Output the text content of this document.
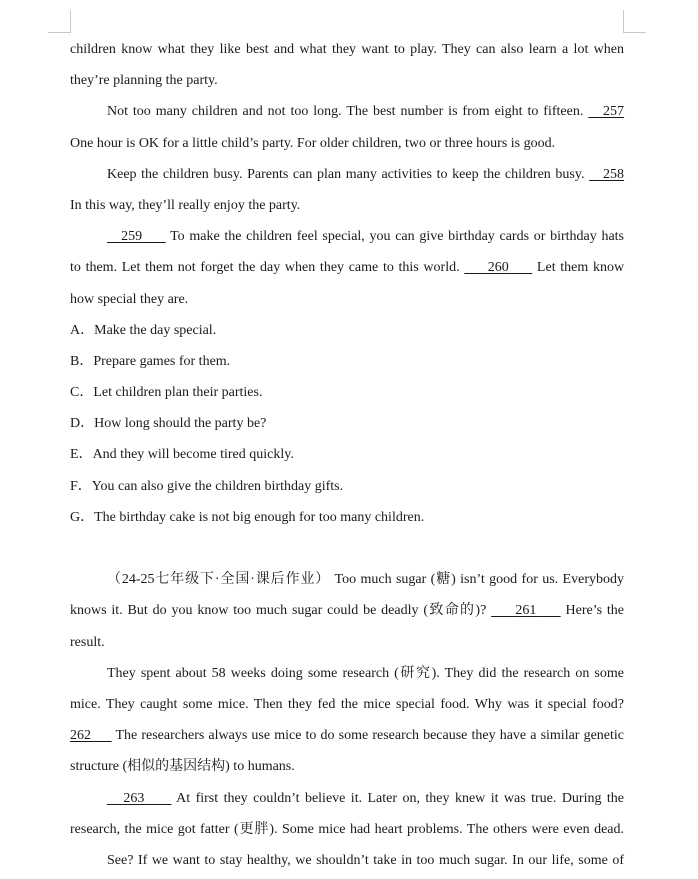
children know what they like best and what they want to play. They can also learn a lot when
they’re planning the party.
Not too many children and not too long. The best number is from eight to fifteen. 257
One hour is OK for a little child’s party. For older children, two or three hours is good.
Keep the children busy. Parents can plan many activities to keep the children busy. 258
In this way, they’ll really enjoy the party.
259 To make the children feel special, you can give birthday cards or birthday hats
to them. Let them not forget the day when they came to this world. 260 Let them know
how special they are.
A．Make the day special.
B．Prepare games for them.
C．Let children plan their parties.
D．How long should the party be?
E．And they will become tired quickly.
F．You can also give the children birthday gifts.
G．The birthday cake is not big enough for too many children.
（24-25七年级下·全国·课后作业） Too much sugar (糖) isn’t good for us. Everybody
knows it. But do you know too much sugar could be deadly (致命的)? 261 Here’s the
result.
They spent about 58 weeks doing some research (研究). They did the research on some
mice. They caught some mice. Then they fed the mice special food. Why was it special food?
262 The researchers always use mice to do some research because they have a similar genetic
structure (相似的基因结构) to humans.
263 At first they couldn’t believe it. Later on, they knew it was true. During the
research, the mice got fatter (更胖). Some mice had heart problems. The others were even dead.
See? If we want to stay healthy, we shouldn’t take in too much sugar. In our life, some of
